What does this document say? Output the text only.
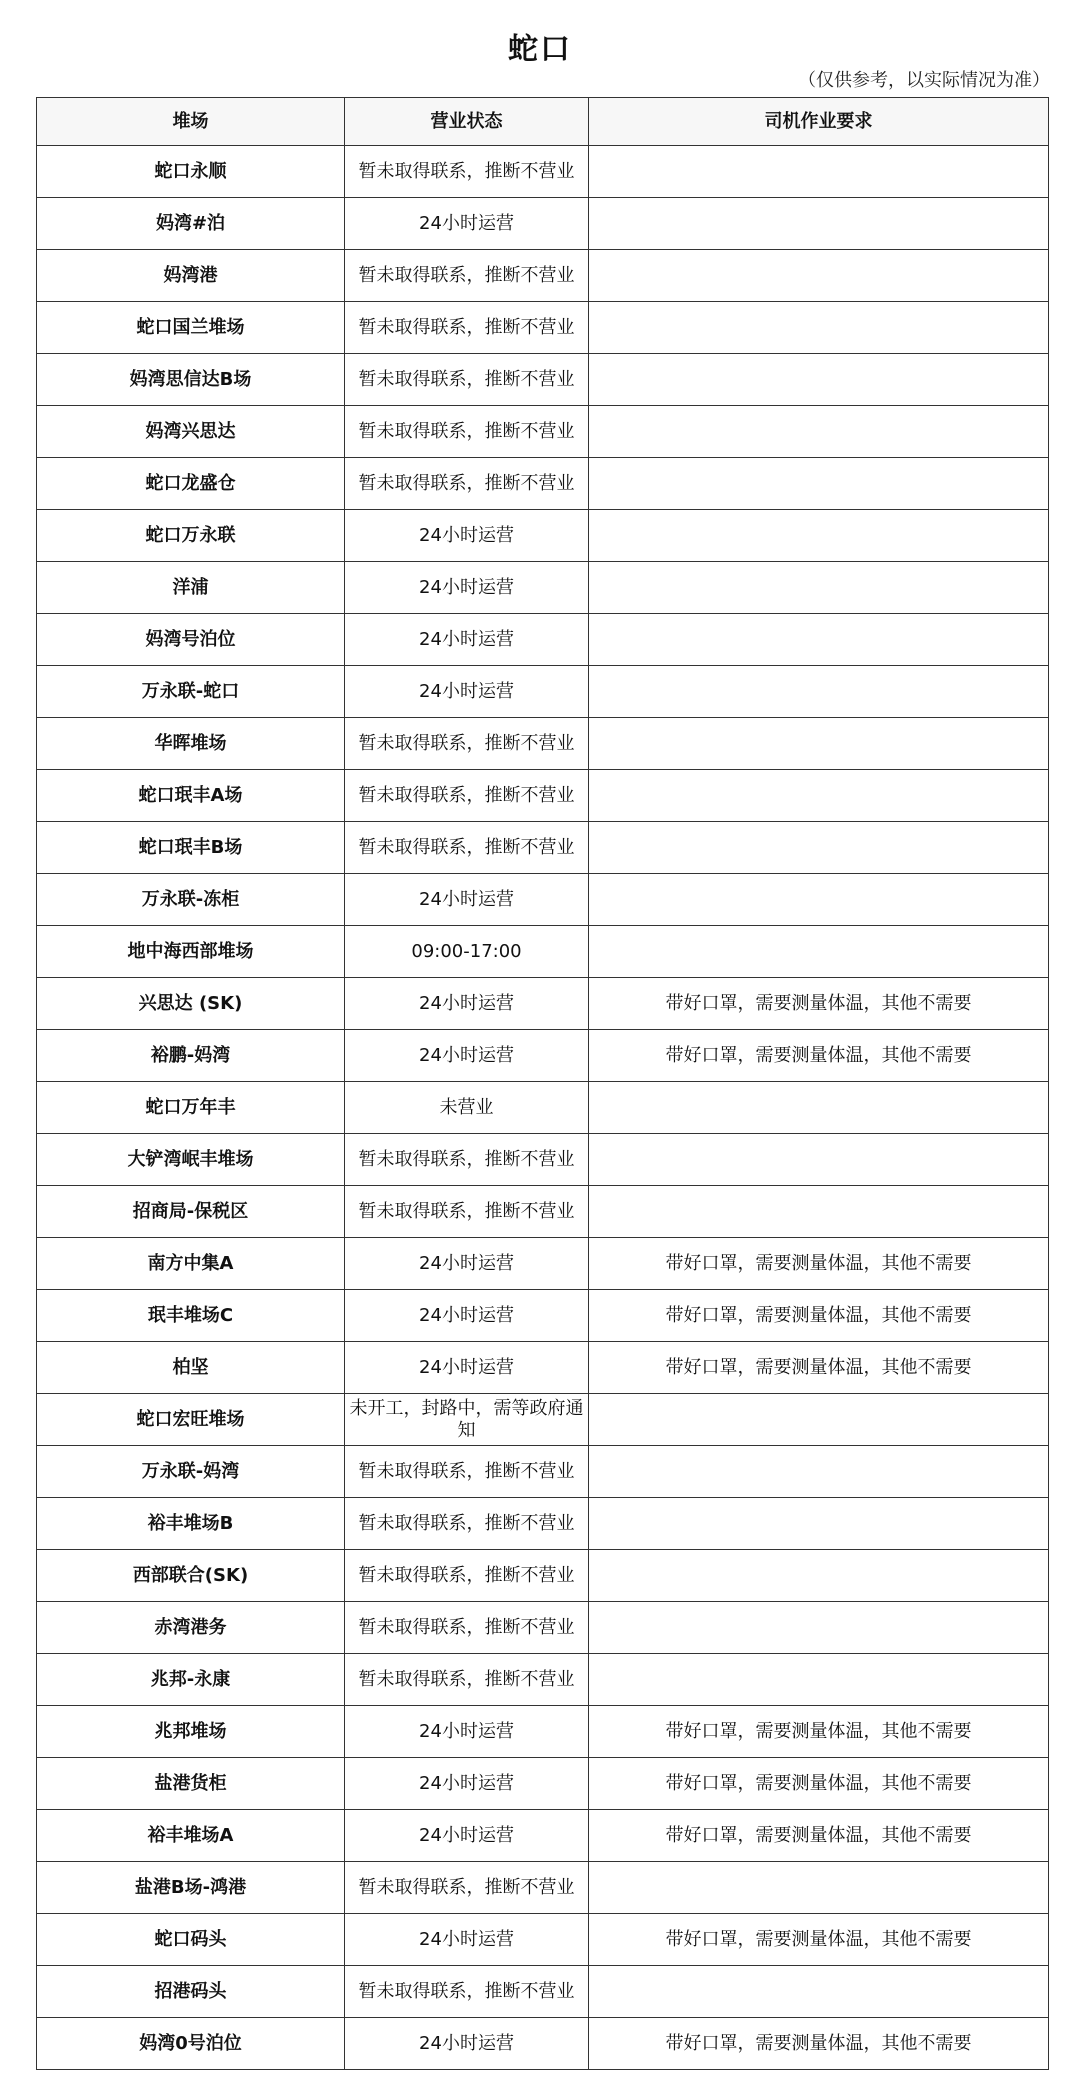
蛇口
（仅供参考，以实际情况为准）
堆场	营业状态	司机作业要求
蛇口永顺	暂未取得联系，推断不营业	
妈湾#泊	24小时运营	
妈湾港	暂未取得联系，推断不营业	
蛇口国兰堆场	暂未取得联系，推断不营业	
妈湾思信达B场	暂未取得联系，推断不营业	
妈湾兴思达	暂未取得联系，推断不营业	
蛇口龙盛仓	暂未取得联系，推断不营业	
蛇口万永联	24小时运营	
洋浦	24小时运营	
妈湾号泊位	24小时运营	
万永联-蛇口	24小时运营	
华晖堆场	暂未取得联系，推断不营业	
蛇口珉丰A场	暂未取得联系，推断不营业	
蛇口珉丰B场	暂未取得联系，推断不营业	
万永联-冻柜	24小时运营	
地中海西部堆场	09:00-17:00	
兴思达 (SK)	24小时运营	带好口罩，需要测量体温，其他不需要
裕鹏-妈湾	24小时运营	带好口罩，需要测量体温，其他不需要
蛇口万年丰	未营业	
大铲湾岷丰堆场	暂未取得联系，推断不营业	
招商局-保税区	暂未取得联系，推断不营业	
南方中集A	24小时运营	带好口罩，需要测量体温，其他不需要
珉丰堆场C	24小时运营	带好口罩，需要测量体温，其他不需要
柏坚	24小时运营	带好口罩，需要测量体温，其他不需要
蛇口宏旺堆场	未开工，封路中，需等政府通知	
万永联-妈湾	暂未取得联系，推断不营业	
裕丰堆场B	暂未取得联系，推断不营业	
西部联合(SK)	暂未取得联系，推断不营业	
赤湾港务	暂未取得联系，推断不营业	
兆邦-永康	暂未取得联系，推断不营业	
兆邦堆场	24小时运营	带好口罩，需要测量体温，其他不需要
盐港货柜	24小时运营	带好口罩，需要测量体温，其他不需要
裕丰堆场A	24小时运营	带好口罩，需要测量体温，其他不需要
盐港B场-鸿港	暂未取得联系，推断不营业	
蛇口码头	24小时运营	带好口罩，需要测量体温，其他不需要
招港码头	暂未取得联系，推断不营业	
妈湾0号泊位	24小时运营	带好口罩，需要测量体温，其他不需要
